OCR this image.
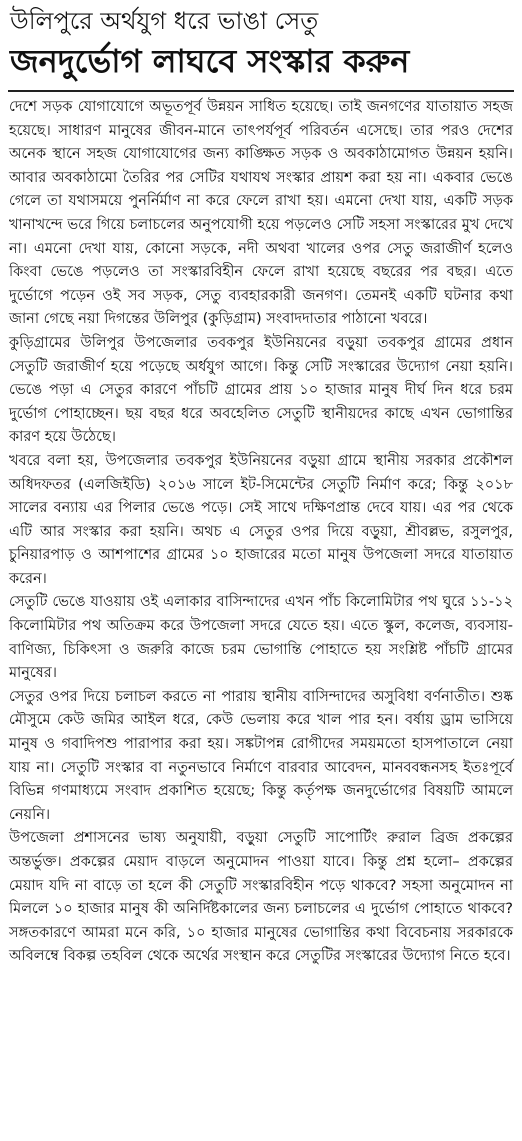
উলিপুরে অর্থযুগ ধরে ভাঙা সেতু
জনদুর্ভোগ লাঘবে সংস্কার করুন

দেশে সড়ক যোগাযোগে অভূতপূর্ব উন্নয়ন সাধিত হয়েছে। তাই জনগণের যাতায়াত সহজ হয়েছে। সাধারণ মানুষের জীবন-মানে তাৎপর্যপূর্ব পরিবর্তন এসেছে। তার পরও দেশের অনেক স্থানে সহজ যোগাযোগের জন্য কাঙ্ক্ষিত সড়ক ও অবকাঠামোগত উন্নয়ন হয়নি। আবার অবকাঠামো তৈরির পর সেটির যথাযথ সংস্কার প্রায়শ করা হয় না। একবার ভেঙে গেলে তা যথাসময়ে পুনর্নির্মাণ না করে ফেলে রাখা হয়। এমনো দেখা যায়, একটি সড়ক খানাখন্দে ভরে গিয়ে চলাচলের অনুপযোগী হয়ে পড়লেও সেটি সহসা সংস্কারের মুখ দেখে না। এমনো দেখা যায়, কোনো সড়কে, নদী অথবা খালের ওপর সেতু জরাজীর্ণ হলেও কিংবা ভেঙে পড়লেও তা সংস্কারবিহীন ফেলে রাখা হয়েছে বছরের পর বছর। এতে দুর্ভোগে পড়েন ওই সব সড়ক, সেতু ব্যবহারকারী জনগণ। তেমনই একটি ঘটনার কথা জানা গেছে নয়া দিগন্তের উলিপুর (কুড়িগ্রাম) সংবাদদাতার পাঠানো খবরে।

কুড়িগ্রামের উলিপুর উপজেলার তবকপুর ইউনিয়নের বড়ুয়া তবকপুর গ্রামের প্রধান সেতুটি জরাজীর্ণ হয়ে পড়েছে অর্ধযুগ আগে। কিন্তু সেটি সংস্কারের উদ্যোগ নেয়া হয়নি। ভেঙে পড়া এ সেতুর কারণে পাঁচটি গ্রামের প্রায় ১০ হাজার মানুষ দীর্ঘ দিন ধরে চরম দুর্ভোগ পোহাচ্ছেন। ছয় বছর ধরে অবহেলিত সেতুটি স্থানীয়দের কাছে এখন ভোগান্তির কারণ হয়ে উঠেছে।

খবরে বলা হয়, উপজেলার তবকপুর ইউনিয়নের বড়ুয়া গ্রামে স্থানীয় সরকার প্রকৌশল অধিদফতর (এলজিইডি) ২০১৬ সালে ইট-সিমেন্টের সেতুটি নির্মাণ করে; কিন্তু ২০১৮ সালের বন্যায় এর পিলার ভেঙে পড়ে। সেই সাথে দক্ষিণপ্রান্ত দেবে যায়। এর পর থেকে এটি আর সংস্কার করা হয়নি। অথচ এ সেতুর ওপর দিয়ে বড়ুয়া, শ্রীবল্লভ, রসুলপুর, চুনিয়ারপাড় ও আশপাশের গ্রামের ১০ হাজারের মতো মানুষ উপজেলা সদরে যাতায়াত করেন।

সেতুটি ভেঙে যাওয়ায় ওই এলাকার বাসিন্দাদের এখন পাঁচ কিলোমিটার পথ ঘুরে ১১-১২ কিলোমিটার পথ অতিক্রম করে উপজেলা সদরে যেতে হয়। এতে স্কুল, কলেজ, ব্যবসায়-বাণিজ্য, চিকিৎসা ও জরুরি কাজে চরম ভোগান্তি পোহাতে হয় সংশ্লিষ্ট পাঁচটি গ্রামের মানুষের।

সেতুর ওপর দিয়ে চলাচল করতে না পারায় স্থানীয় বাসিন্দাদের অসুবিধা বর্ণনাতীত। শুষ্ক মৌসুমে কেউ জমির আইল ধরে, কেউ ভেলায় করে খাল পার হন। বর্ষায় ড্রাম ভাসিয়ে মানুষ ও গবাদিপশু পারাপার করা হয়। সঙ্কটাপন্ন রোগীদের সময়মতো হাসপাতালে নেয়া যায় না। সেতুটি সংস্কার বা নতুনভাবে নির্মাণে বারবার আবেদন, মানববন্ধনসহ ইতঃপূর্বে বিভিন্ন গণমাধ্যমে সংবাদ প্রকাশিত হয়েছে; কিন্তু কর্তৃপক্ষ জনদুর্ভোগের বিষয়টি আমলে নেয়নি।

উপজেলা প্রশাসনের ভাষ্য অনুযায়ী, বড়ুয়া সেতুটি সাপোর্টিং রুরাল ব্রিজ প্রকল্পের অন্তর্ভুক্ত। প্রকল্পের মেয়াদ বাড়লে অনুমোদন পাওয়া যাবে। কিন্তু প্রশ্ন হলো– প্রকল্পের মেয়াদ যদি না বাড়ে তা হলে কী সেতুটি সংস্কারবিহীন পড়ে থাকবে? সহসা অনুমোদন না মিললে ১০ হাজার মানুষ কী অনির্দিষ্টকালের জন্য চলাচলের এ দুর্ভোগ পোহাতে থাকবে? সঙ্গতকারণে আমরা মনে করি, ১০ হাজার মানুষের ভোগান্তির কথা বিবেচনায় সরকারকে অবিলম্বে বিকল্প তহবিল থেকে অর্থের সংস্থান করে সেতুটির সংস্কারের উদ্যোগ নিতে হবে।
